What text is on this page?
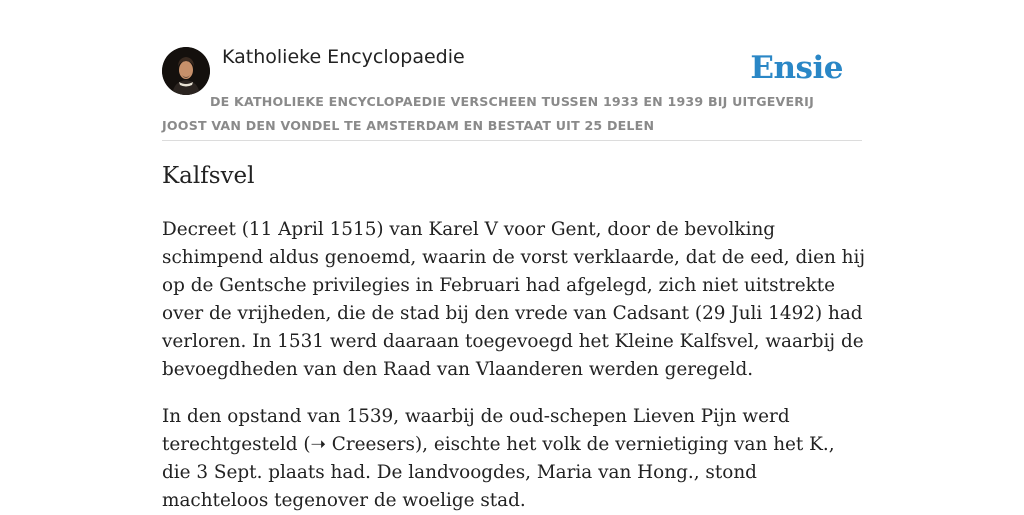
Katholieke Encyclopaedie	Ensie
DE KATHOLIEKE ENCYCLOPAEDIE VERSCHEEN TUSSEN 1933 EN 1939 BIJ UITGEVERIJ JOOST VAN DEN VONDEL TE AMSTERDAM EN BESTAAT UIT 25 DELEN
Kalfsvel

Decreet (11 April 1515) van Karel V voor Gent, door de bevolking schimpend aldus genoemd, waarin de vorst verklaarde, dat de eed, dien hij op de Gentsche privilegies in Februari had afgelegd, zich niet uitstrekte over de vrijheden, die de stad bij den vrede van Cadsant (29 Juli 1492) had verloren. In 1531 werd daaraan toegevoegd het Kleine Kalfsvel, waarbij de bevoegdheden van den Raad van Vlaanderen werden geregeld.

In den opstand van 1539, waarbij de oud-schepen Lieven Pijn werd terechtgesteld (➝ Creesers), eischte het volk de vernietiging van het K., die 3 Sept. plaats had. De landvoogdes, Maria van Hong., stond machteloos tegenover de woelige stad.
